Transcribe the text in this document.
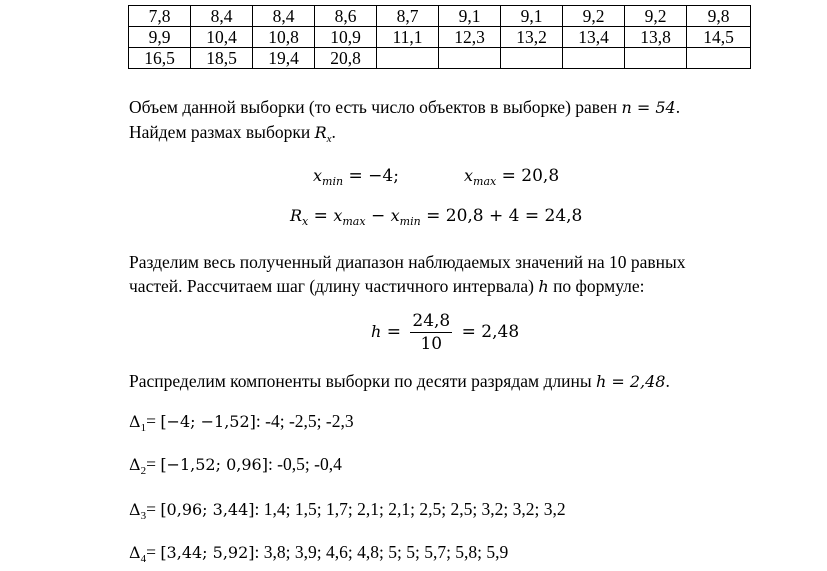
7,8	8,4	8,4	8,6	8,7	9,1	9,1	9,2	9,2	9,8
9,9	10,4	10,8	10,9	11,1	12,3	13,2	13,4	13,8	14,5
16,5	18,5	19,4	20,8						

Объем данной выборки (то есть число объектов в выборке) равен n = 54.
Найдем размах выборки $R_x$.

$x_{min} = -4$;	$x_{max} = 20,8$
$R_x = x_{max} - x_{min} = 20,8 + 4 = 24,8$

Разделим весь полученный диапазон наблюдаемых значений на 10 равных
частей. Рассчитаем шаг (длину частичного интервала) h по формуле:

$h = \frac{24,8}{10} = 2,48$

Распределим компоненты выборки по десяти разрядам длины h = 2,48.

$\Delta_1= [-4$; −1,52]: -4; -2,5; -2,3
$\Delta_2= [-1,52$; 0,96]: -0,5; -0,4
$\Delta_3= [0,96$; 3,44]: 1,4; 1,5; 1,7; 2,1; 2,1; 2,5; 2,5; 3,2; 3,2; 3,2
$\Delta_4= [3,44$; 5,92]: 3,8; 3,9; 4,6; 4,8; 5; 5; 5,7; 5,8; 5,9
